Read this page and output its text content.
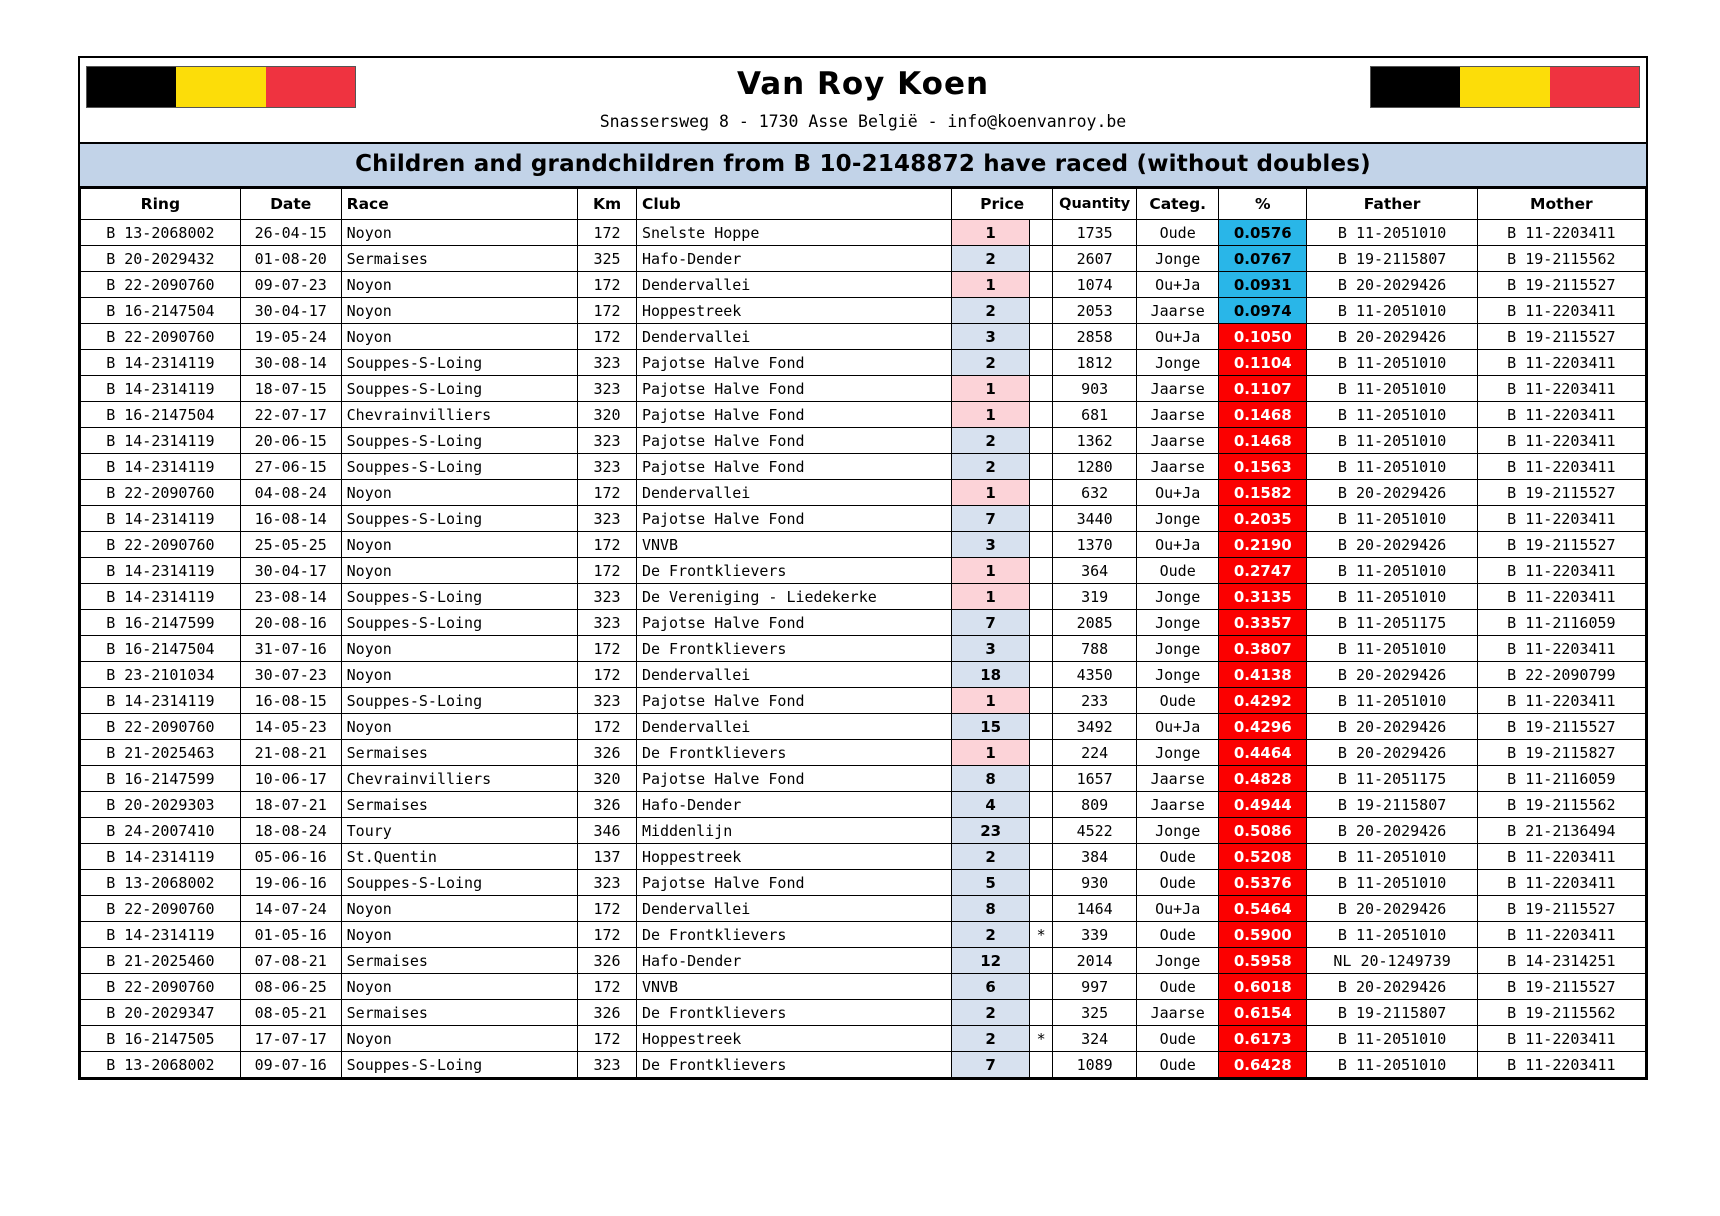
Van Roy Koen
Snassersweg 8 - 1730 Asse België - info@koenvanroy.be
Children and grandchildren from B 10-2148872 have raced (without doubles)
Ring	Date	Race	Km	Club	Price		Quantity	Categ.	%	Father	Mother
B 13-2068002	26-04-15	Noyon	172	Snelste Hoppe	1		1735	Oude	0.0576	B 11-2051010	B 11-2203411
B 20-2029432	01-08-20	Sermaises	325	Hafo-Dender	2		2607	Jonge	0.0767	B 19-2115807	B 19-2115562
B 22-2090760	09-07-23	Noyon	172	Dendervallei	1		1074	Ou+Ja	0.0931	B 20-2029426	B 19-2115527
B 16-2147504	30-04-17	Noyon	172	Hoppestreek	2		2053	Jaarse	0.0974	B 11-2051010	B 11-2203411
B 22-2090760	19-05-24	Noyon	172	Dendervallei	3		2858	Ou+Ja	0.1050	B 20-2029426	B 19-2115527
B 14-2314119	30-08-14	Souppes-S-Loing	323	Pajotse Halve Fond	2		1812	Jonge	0.1104	B 11-2051010	B 11-2203411
B 14-2314119	18-07-15	Souppes-S-Loing	323	Pajotse Halve Fond	1		903	Jaarse	0.1107	B 11-2051010	B 11-2203411
B 16-2147504	22-07-17	Chevrainvilliers	320	Pajotse Halve Fond	1		681	Jaarse	0.1468	B 11-2051010	B 11-2203411
B 14-2314119	20-06-15	Souppes-S-Loing	323	Pajotse Halve Fond	2		1362	Jaarse	0.1468	B 11-2051010	B 11-2203411
B 14-2314119	27-06-15	Souppes-S-Loing	323	Pajotse Halve Fond	2		1280	Jaarse	0.1563	B 11-2051010	B 11-2203411
B 22-2090760	04-08-24	Noyon	172	Dendervallei	1		632	Ou+Ja	0.1582	B 20-2029426	B 19-2115527
B 14-2314119	16-08-14	Souppes-S-Loing	323	Pajotse Halve Fond	7		3440	Jonge	0.2035	B 11-2051010	B 11-2203411
B 22-2090760	25-05-25	Noyon	172	VNVB	3		1370	Ou+Ja	0.2190	B 20-2029426	B 19-2115527
B 14-2314119	30-04-17	Noyon	172	De Frontklievers	1		364	Oude	0.2747	B 11-2051010	B 11-2203411
B 14-2314119	23-08-14	Souppes-S-Loing	323	De Vereniging - Liedekerke	1		319	Jonge	0.3135	B 11-2051010	B 11-2203411
B 16-2147599	20-08-16	Souppes-S-Loing	323	Pajotse Halve Fond	7		2085	Jonge	0.3357	B 11-2051175	B 11-2116059
B 16-2147504	31-07-16	Noyon	172	De Frontklievers	3		788	Jonge	0.3807	B 11-2051010	B 11-2203411
B 23-2101034	30-07-23	Noyon	172	Dendervallei	18		4350	Jonge	0.4138	B 20-2029426	B 22-2090799
B 14-2314119	16-08-15	Souppes-S-Loing	323	Pajotse Halve Fond	1		233	Oude	0.4292	B 11-2051010	B 11-2203411
B 22-2090760	14-05-23	Noyon	172	Dendervallei	15		3492	Ou+Ja	0.4296	B 20-2029426	B 19-2115527
B 21-2025463	21-08-21	Sermaises	326	De Frontklievers	1		224	Jonge	0.4464	B 20-2029426	B 19-2115827
B 16-2147599	10-06-17	Chevrainvilliers	320	Pajotse Halve Fond	8		1657	Jaarse	0.4828	B 11-2051175	B 11-2116059
B 20-2029303	18-07-21	Sermaises	326	Hafo-Dender	4		809	Jaarse	0.4944	B 19-2115807	B 19-2115562
B 24-2007410	18-08-24	Toury	346	Middenlijn	23		4522	Jonge	0.5086	B 20-2029426	B 21-2136494
B 14-2314119	05-06-16	St.Quentin	137	Hoppestreek	2		384	Oude	0.5208	B 11-2051010	B 11-2203411
B 13-2068002	19-06-16	Souppes-S-Loing	323	Pajotse Halve Fond	5		930	Oude	0.5376	B 11-2051010	B 11-2203411
B 22-2090760	14-07-24	Noyon	172	Dendervallei	8		1464	Ou+Ja	0.5464	B 20-2029426	B 19-2115527
B 14-2314119	01-05-16	Noyon	172	De Frontklievers	2	*	339	Oude	0.5900	B 11-2051010	B 11-2203411
B 21-2025460	07-08-21	Sermaises	326	Hafo-Dender	12		2014	Jonge	0.5958	NL 20-1249739	B 14-2314251
B 22-2090760	08-06-25	Noyon	172	VNVB	6		997	Oude	0.6018	B 20-2029426	B 19-2115527
B 20-2029347	08-05-21	Sermaises	326	De Frontklievers	2		325	Jaarse	0.6154	B 19-2115807	B 19-2115562
B 16-2147505	17-07-17	Noyon	172	Hoppestreek	2	*	324	Oude	0.6173	B 11-2051010	B 11-2203411
B 13-2068002	09-07-16	Souppes-S-Loing	323	De Frontklievers	7		1089	Oude	0.6428	B 11-2051010	B 11-2203411
